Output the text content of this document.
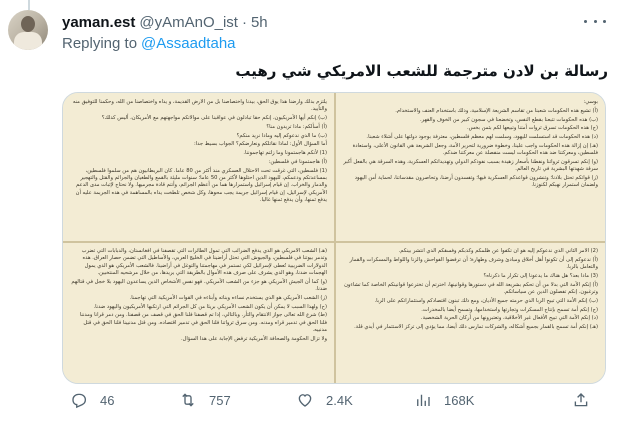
yaman.est @yAmAnO_ist · 5h
Replying to @Assaadtaha
رسالة بن لادن مترجمة للشعب الامريكي شي رهيب

بوسي:

(أ) تشيع هذه الحكومات شعبنا من تقاسم الشريعة الإسلامية، وذلك باستخدام العنف والاستخدام.

(ب) هذه الحكومات تتبعنا بقطع النفس، وتخضعنا في سجون كبير من الخوف والقهر.

(ج) هذه الحكومات تسرق ثروات أمتنا وتبيعها لكم بثمن بخس.

(د) هذه الحكومات قد استسلمت لليهود، وسلمت لهم معظم فلسطين، معترفة بوجود دولتها على أشلاء شعبنا.

(هـ) إن إزالة هذه الحكومات واجب علينا، وخطوة ضرورية لتحرير الأمة، وجعل الشريعة هي القانون الأعلى، واستعادة فلسطين، ومعركتنا ضد هذه الحكومات ليست منفصلة عن معركتنا ضدكم.

(و) إنكم تسرقون ثرواتنا ونفطنا بأسعار زهيدة بسبب نفوذكم الدولي وتهديداتكم العسكرية، وهذه السرقة هي بالفعل أكبر سرقة شهدتها البشرية في تاريخ العالم.

(ز) قواتكم تحتل بلادنا؛ وتنشرون قواعدكم العسكرية فيها؛ وتفسدون أرضنا، وتحاصرون مقدساتنا، لحماية أمن اليهود ولضمان استمرار نهبكم لكنوزنا.

يلتزم بذلك وأرضنا هذا يوق الحق، بيدنا واختصاصنا بل من الأرض القديمة، و يداه واختصاصنا من الله، وحكمنا للتوفيق منه والتأييد.

(ب) إنكم أيها الأمريكيون، إنكم حقا تبادلون في عواقبنا على موالاتكم مواجهتهم مع الأمريكان، أليس كذلك؟

(أ) أسألكم: ماذا تريدون منا؟

(ب) ما الذي ندعوكم إليه وماذا نريد منكم؟

أما السؤال الأول: لماذا نقاتلكم ونعارضكم؟ الجواب بسيط جدا:

(1) لأنكم هاجمتمونا وما زلتم تهاجموننا.

(أ) هاجمتمونا في فلسطين:

(1) فلسطين، التي غرقت تحت الاحتلال العسكري منذ أكثر من 80 عاما. كان البريطانيون هم من سلموا فلسطين، بمساعدتكم ودعمكم، لليهود الذين احتلوها لأكثر من 50 عاما؛ سنوات مليئة بالقمع والطغيان والجرائم والقتل والتهجير والدمار والخراب. إن قيام إسرائيل واستمرارها هما من أعظم الجرائم، وأنتم قادة مجرميها. ولا نحتاج لإثبات مدى الدعم الأمريكي لإسرائيل، إن قيام إسرائيل جريمة يجب محوها، وكل شخص تلطخت يداه بالمساهمة في هذه الجريمة عليه أن يدفع ثمنها، وأن يدفع ثمنها غاليا.

(2) الأمر الثاني الذي ندعوكم إليه هو أن تكفوا عن ظلمكم وكذبكم وفسقكم الذي انتشر بينكم.

(أ) ندعوكم إلى أن تكونوا أهل أخلاق ومبادئ وشرف وطهارة؛ أن ترفضوا الفواحش والزنا واللواط والمسكرات والقمار والتعامل بالربا.

(3) ماذا بعد؟ هل هناك ما يدعونا إلى تكرار ما ذكرناه؟

(أ) إنكم الأمة التي بدلا من أن تحكم بشريعة الله في دستورها وقوانينها، اخترتم أن تخترعوا قوانينكم الخاصة كما تشاءون وترغبون. إنكم تفصلون الدين عن سياساتكم.

(ب) إنكم الأمة التي تبيح الربا الذي حرمته جميع الأديان، ومع ذلك تبنون اقتصادكم واستثماراتكم على الربا.

(ج) إنكم أمة تسمح بإنتاج المسكرات وتجارتها واستخدامها، وتسمح أيضا بالمخدرات.

(د) إنكم الأمة التي تبيح الأفعال غير الأخلاقية، وتعتبرونها من أركان الحرية الشخصية.

(هـ) إنكم أمة تسمح بالقمار بجميع أشكاله، والشركات تمارس ذلك أيضا، مما يؤدي إلى تركز الاستثمار في أيدي قلة.

(هـ) الشعب الأمريكي هو الذي يدفع الضرائب التي تمول الطائرات التي تقصفنا في أفغانستان، والدبابات التي تضرب وتدمر بيوتنا في فلسطين، والجيوش التي تحتل أراضينا في الخليج العربي، والأساطيل التي تضمن حصار العراق. هذه الدولارات الضريبية تُعطى لإسرائيل لكي تستمر في مهاجمتنا والتوغل في أراضينا. فالشعب الأمريكي هو الذي يمول الهجمات ضدنا، وهو الذي يشرف على صرف هذه الأموال بالطريقة التي يريدها، من خلال مرشحيه المنتخبين.

(و) كما أن الجيش الأمريكي هو جزء من الشعب الأمريكي. فهو نفس الأشخاص الذين يساعدون اليهود بلا خجل في قتالهم ضدنا.

(ز) الشعب الأمريكي هو الذي يستخدم نساءه وبناته وأبناءه في القوات الأمريكية التي تهاجمنا.

(ح) ولهذا السبب لا يمكن أن يكون الشعب الأمريكي بريئا من كل الجرائم التي ارتكبها الأمريكيون واليهود ضدنا.

(ط) شرع الله تعالى جواز الانتقام والثأر. وبالتالي، إذا تم قصفنا فلنا الحق في قصف من قصفنا. ومن دمر قرانا ومدننا فلنا الحق في تدمير قراه ومدنه. ومن سرق ثرواتنا فلنا الحق في تدمير اقتصاده. ومن قتل مدنيينا فلنا الحق في قتل مدنييه.

ولا تزال الحكومة والصحافة الأمريكية ترفض الإجابة على هذا السؤال.

46	757	2.4K	168K
